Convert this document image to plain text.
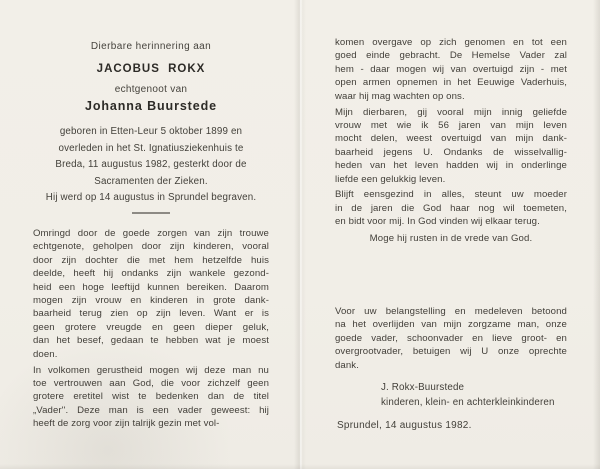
Dierbare herinnering aan
JACOBUS ROKX
echtgenoot van
Johanna Buurstede
geboren in Etten-Leur 5 oktober 1899 en
overleden in het St. Ignatiusziekenhuis te
Breda, 11 augustus 1982, gesterkt door de
Sacramenten der Zieken.
Hij werd op 14 augustus in Sprundel begraven.
Omringd door de goede zorgen van zijn trouwe
echtgenote, geholpen door zijn kinderen, vooral
door zijn dochter die met hem hetzelfde huis
deelde, heeft hij ondanks zijn wankele gezond-
heid een hoge leeftijd kunnen bereiken. Daarom
mogen zijn vrouw en kinderen in grote dank-
baarheid terug zien op zijn leven. Want er is
geen grotere vreugde en geen dieper geluk,
dan het besef, gedaan te hebben wat je moest
doen.
In volkomen gerustheid mogen wij deze man nu
toe vertrouwen aan God, die voor zichzelf geen
grotere eretitel wist te bedenken dan de titel
„Vader''. Deze man is een vader geweest: hij
heeft de zorg voor zijn talrijk gezin met vol-
komen overgave op zich genomen en tot een
goed einde gebracht. De Hemelse Vader zal
hem - daar mogen wij van overtuigd zijn - met
open armen opnemen in het Eeuwige Vaderhuis,
waar hij mag wachten op ons.
Mijn dierbaren, gij vooral mijn innig geliefde
vrouw met wie ik 56 jaren van mijn leven
mocht delen, weest overtuigd van mijn dank-
baarheid jegens U. Ondanks de wisselvallig-
heden van het leven hadden wij in onderlinge
liefde een gelukkig leven.
Blijft eensgezind in alles, steunt uw moeder
in de jaren die God haar nog wil toemeten,
en bidt voor mij. In God vinden wij elkaar terug.
Moge hij rusten in de vrede van God.
Voor uw belangstelling en medeleven betoond
na het overlijden van mijn zorgzame man, onze
goede vader, schoonvader en lieve groot- en
overgrootvader, betuigen wij U onze oprechte
dank.
J. Rokx-Buurstede
kinderen, klein- en achterkleinkinderen
Sprundel, 14 augustus 1982.
